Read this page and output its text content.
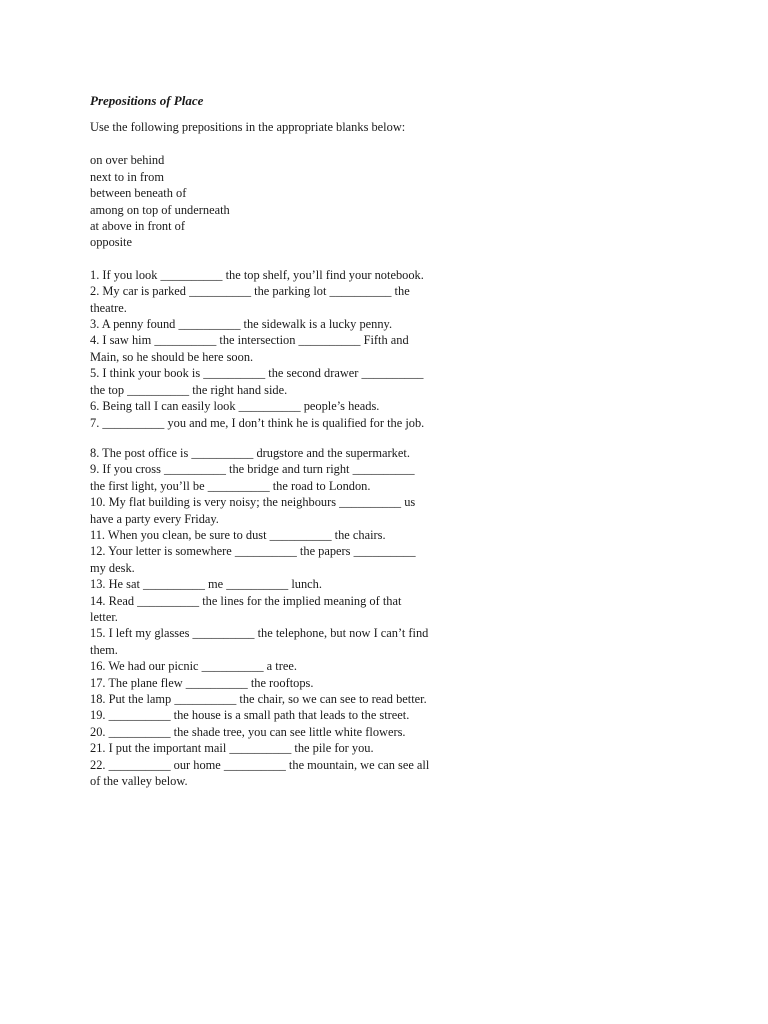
Prepositions of Place
Use the following prepositions in the appropriate blanks below:
on over behind
next to in from
between beneath of
among on top of underneath
at above in front of
opposite
1. If you look __________ the top shelf, you’ll find your notebook.
2. My car is parked __________ the parking lot __________ the
theatre.
3. A penny found __________ the sidewalk is a lucky penny.
4. I saw him __________ the intersection __________ Fifth and
Main, so he should be here soon.
5. I think your book is __________ the second drawer __________
the top __________ the right hand side.
6. Being tall I can easily look __________ people’s heads.
7. __________ you and me, I don’t think he is qualified for the job.
8. The post office is __________ drugstore and the supermarket.
9. If you cross __________ the bridge and turn right __________
the first light, you’ll be __________ the road to London.
10. My flat building is very noisy; the neighbours __________ us
have a party every Friday.
11. When you clean, be sure to dust __________ the chairs.
12. Your letter is somewhere __________ the papers __________
my desk.
13. He sat __________ me __________ lunch.
14. Read __________ the lines for the implied meaning of that
letter.
15. I left my glasses __________ the telephone, but now I can’t find
them.
16. We had our picnic __________ a tree.
17. The plane flew __________ the rooftops.
18. Put the lamp __________ the chair, so we can see to read better.
19. __________ the house is a small path that leads to the street.
20. __________ the shade tree, you can see little white flowers.
21. I put the important mail __________ the pile for you.
22. __________ our home __________ the mountain, we can see all
of the valley below.
